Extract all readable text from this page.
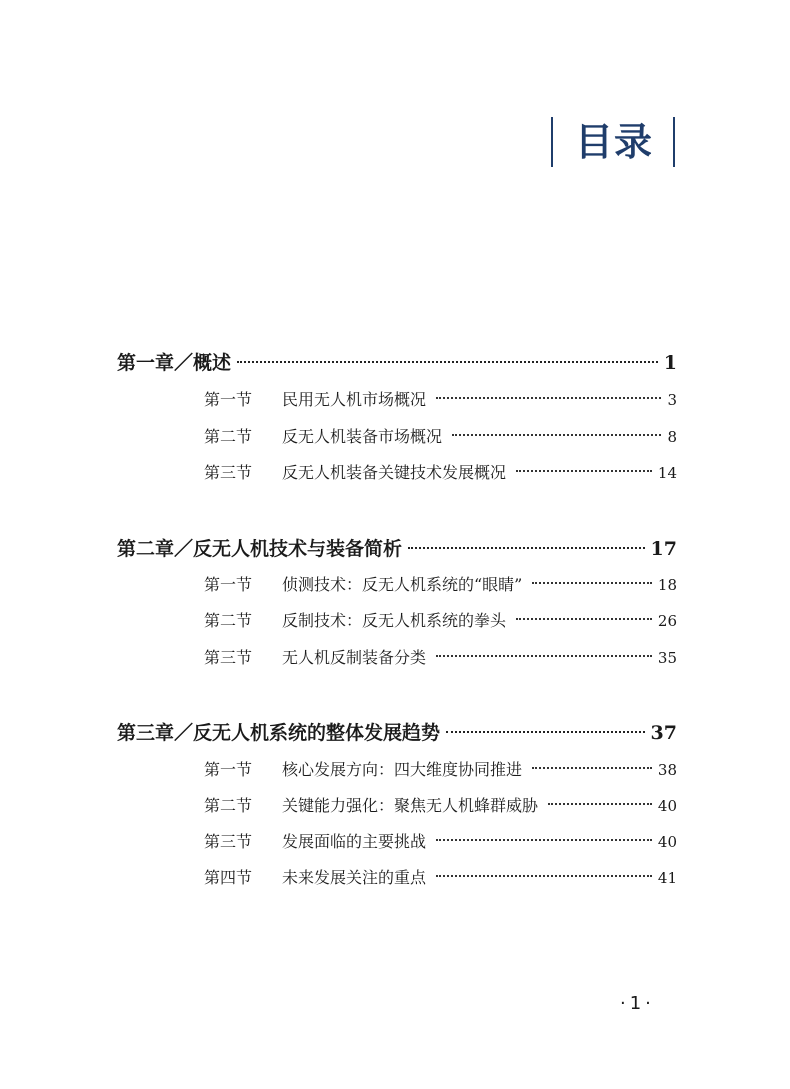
目录
第一章／概述	1
第一节 民用无人机市场概况	3
第二节 反无人机装备市场概况	8
第三节 反无人机装备关键技术发展概况	14
第二章／反无人机技术与装备简析	17
第一节 侦测技术：反无人机系统的“眼睛”	18
第二节 反制技术：反无人机系统的拳头	26
第三节 无人机反制装备分类	35
第三章／反无人机系统的整体发展趋势	37
第一节 核心发展方向：四大维度协同推进	38
第二节 关键能力强化：聚焦无人机蜂群威胁	40
第三节 发展面临的主要挑战	40
第四节 未来发展关注的重点	41
·1·
